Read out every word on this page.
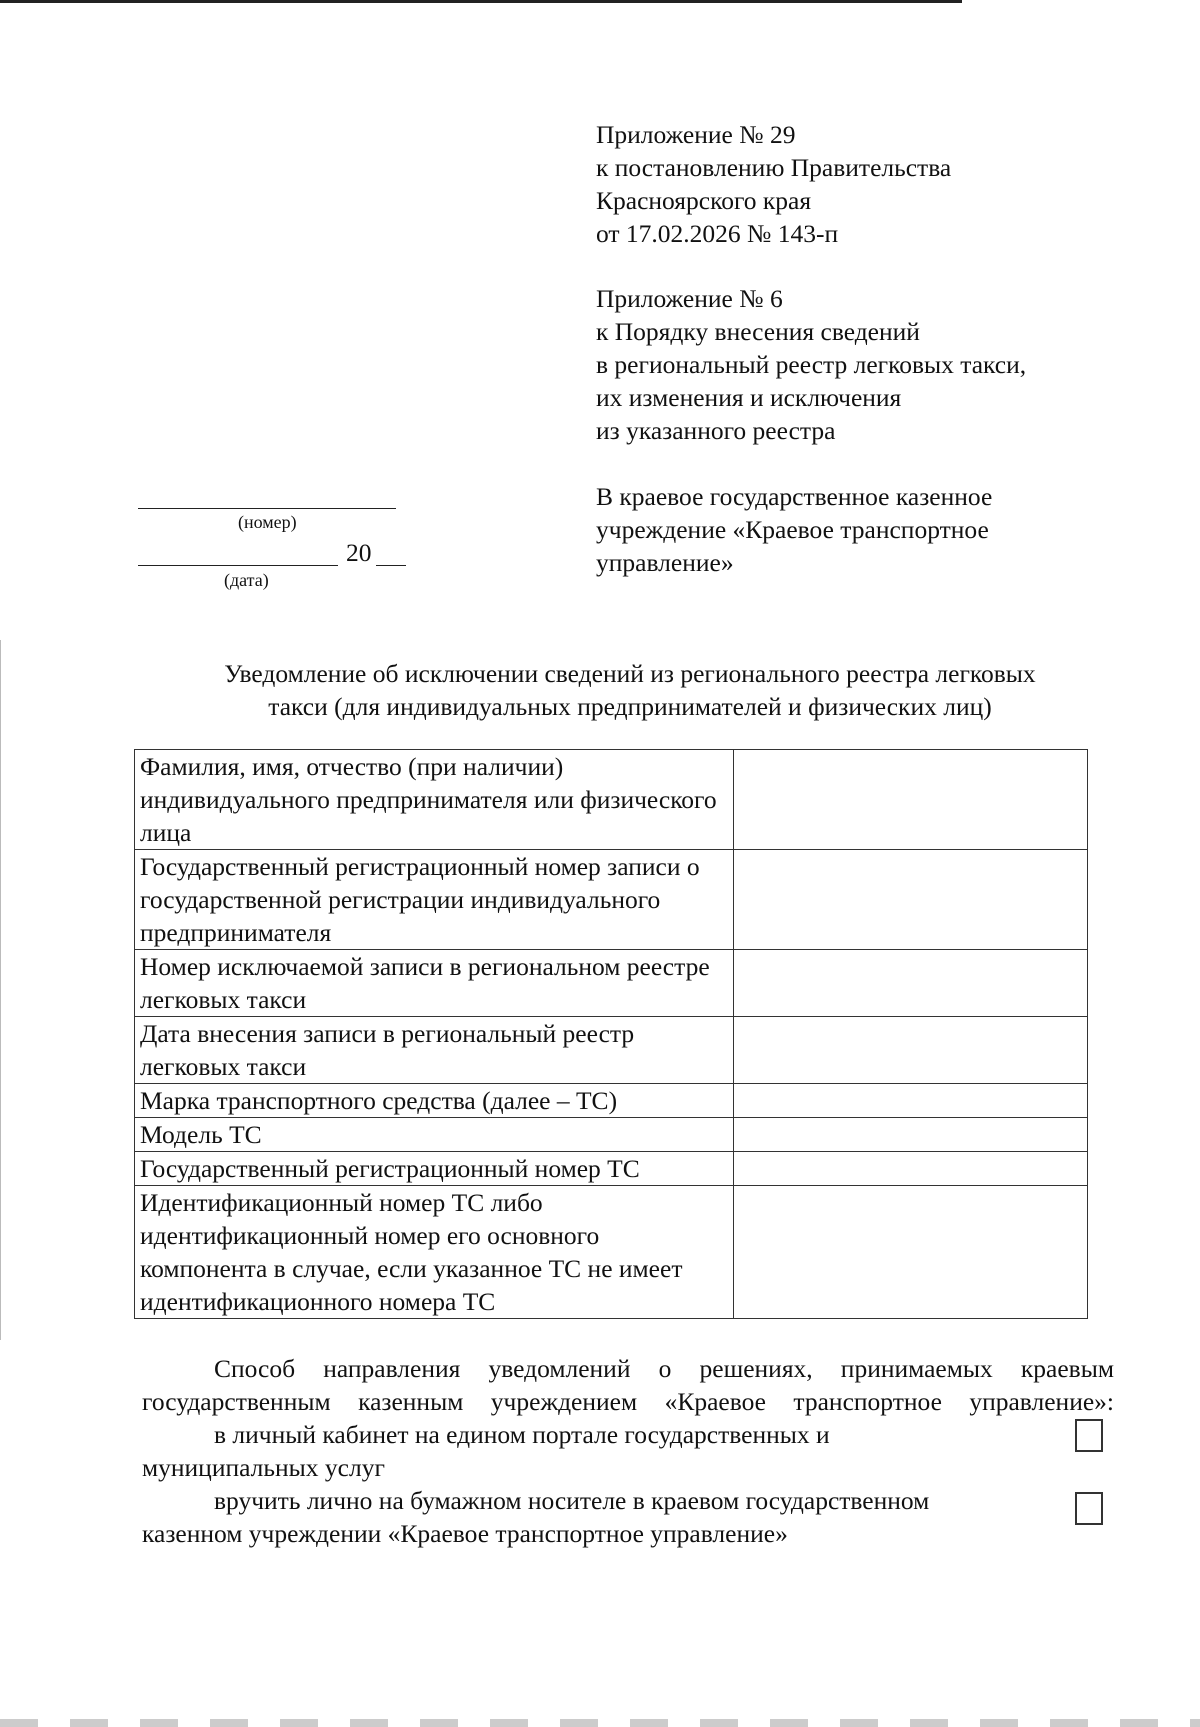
Приложение № 29
к постановлению Правительства
Красноярского края
от 17.02.2026 № 143-п
Приложение № 6
к Порядку внесения сведений
в региональный реестр легковых такси,
их изменения и исключения
из указанного реестра
В краевое государственное казенное
учреждение «Краевое транспортное
управление»
(номер)
20
(дата)
Уведомление об исключении сведений из регионального реестра легковых
такси (для индивидуальных предпринимателей и физических лиц)
Фамилия, имя, отчество (при наличии) индивидуального предпринимателя или физического лица	
Государственный регистрационный номер записи о государственной регистрации индивидуального предпринимателя	
Номер исключаемой записи в региональном реестре легковых такси	
Дата внесения записи в региональный реестр легковых такси	
Марка транспортного средства (далее – ТС)	
Модель ТС	
Государственный регистрационный номер ТС	
Идентификационный номер ТС либо идентификационный номер его основного компонента в случае, если указанное ТС не имеет идентификационного номера ТС	
Способ направления уведомлений о решениях, принимаемых краевым
государственным казенным учреждением «Краевое транспортное управление»:
в личный кабинет на едином портале государственных и
муниципальных услуг
вручить лично на бумажном носителе в краевом государственном
казенном учреждении «Краевое транспортное управление»
